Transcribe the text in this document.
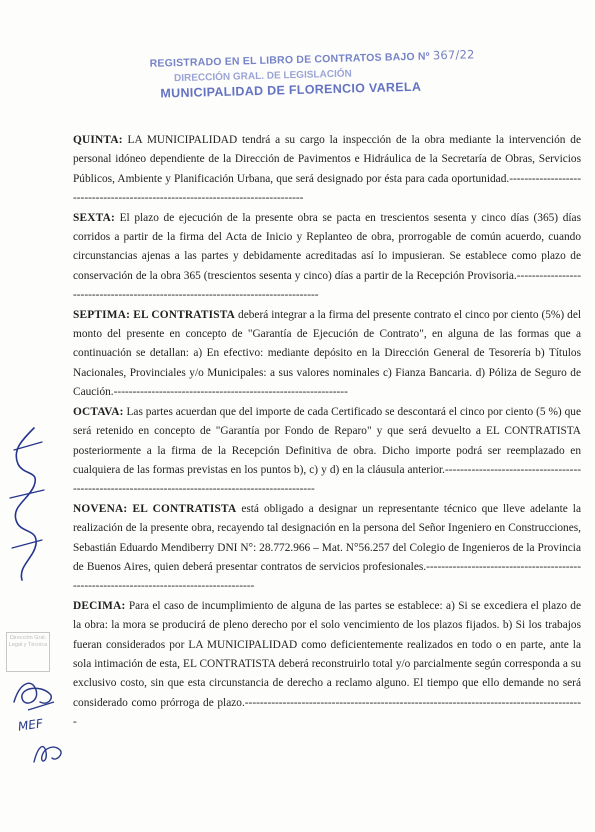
REGISTRADO EN EL LIBRO DE CONTRATOS BAJO Nº 367/22
DIRECCIÓN GRAL. DE LEGISLACIÓN
MUNICIPALIDAD DE FLORENCIO VARELA

QUINTA: LA MUNICIPALIDAD tendrá a su cargo la inspección de la obra mediante la intervención de personal idóneo dependiente de la Dirección de Pavimentos e Hidráulica de la Secretaría de Obras, Servicios Públicos, Ambiente y Planificación Urbana, que será designado por ésta para cada oportunidad.--------------------------------------------------------------------------------

SEXTA: El plazo de ejecución de la presente obra se pacta en trescientos sesenta y cinco días (365) días corridos a partir de la firma del Acta de Inicio y Replanteo de obra, prorrogable de común acuerdo, cuando circunstancias ajenas a las partes y debidamente acreditadas así lo impusieran. Se establece como plazo de conservación de la obra 365 (trescientos sesenta y cinco) días a partir de la Recepción Provisoria.----------------------------------------------------------------------------------

SEPTIMA: EL CONTRATISTA deberá integrar a la firma del presente contrato el cinco por ciento (5%) del monto del presente en concepto de "Garantía de Ejecución de Contrato", en alguna de las formas que a continuación se detallan: a) En efectivo: mediante depósito en la Dirección General de Tesorería b) Títulos Nacionales, Provinciales y/o Municipales: a sus valores nominales c) Fianza Bancaria. d) Póliza de Seguro de Caución.--------------------------------------------------------------

OCTAVA: Las partes acuerdan que del importe de cada Certificado se descontará el cinco por ciento (5 %) que será retenido en concepto de "Garantía por Fondo de Reparo" y que será devuelto a EL CONTRATISTA posteriormente a la firma de la Recepción Definitiva de obra. Dicho importe podrá ser reemplazado en cualquiera de las formas previstas en los puntos b), c) y d) en la cláusula anterior.----------------------------------------------------------------------------------------------------

NOVENA: EL CONTRATISTA está obligado a designar un representante técnico que lleve adelante la realización de la presente obra, recayendo tal designación en la persona del Señor Ingeniero en Construcciones, Sebastián Eduardo Mendiberry DNI N°: 28.772.966 – Mat. N°56.257 del Colegio de Ingenieros de la Provincia de Buenos Aires, quien deberá presentar contratos de servicios profesionales.-----------------------------------------------------------------------------------------

DECIMA: Para el caso de incumplimiento de alguna de las partes se establece: a) Si se excediera el plazo de la obra: la mora se producirá de pleno derecho por el solo vencimiento de los plazos fijados. b) Si los trabajos fueran considerados por LA MUNICIPALIDAD como deficientemente realizados en todo o en parte, ante la sola intimación de esta, EL CONTRATISTA deberá reconstruirlo total y/o parcialmente según corresponda a su exclusivo costo, sin que esta circunstancia de derecho a reclamo alguno. El tiempo que ello demande no será considerado como prórroga de plazo.------------------------------------------------------------------------------------------

Dirección Gral. Legal y Técnica
MEF
